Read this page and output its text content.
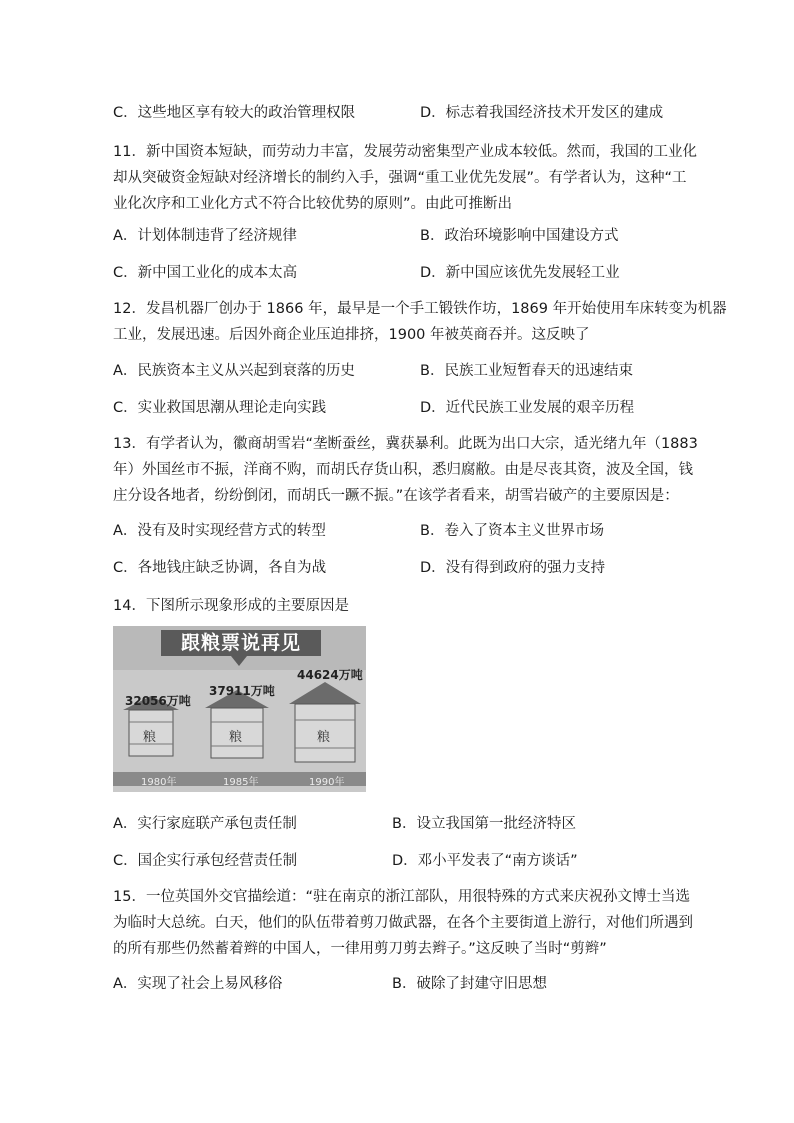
C．这些地区享有较大的政治管理权限	D．标志着我国经济技术开发区的建成
11．新中国资本短缺，而劳动力丰富，发展劳动密集型产业成本较低。然而，我国的工业化
却从突破资金短缺对经济增长的制约入手，强调“重工业优先发展”。有学者认为，这种“工
业化次序和工业化方式不符合比较优势的原则”。由此可推断出
A．计划体制违背了经济规律	B．政治环境影响中国建设方式
C．新中国工业化的成本太高	D．新中国应该优先发展轻工业
12．发昌机器厂创办于 1866 年，最早是一个手工锻铁作坊，1869 年开始使用车床转变为机器
工业，发展迅速。后因外商企业压迫排挤，1900 年被英商吞并。这反映了
A．民族资本主义从兴起到衰落的历史	B．民族工业短暂春天的迅速结束
C．实业救国思潮从理论走向实践	D．近代民族工业发展的艰辛历程
13．有学者认为，徽商胡雪岩“垄断蚕丝，冀获暴利。此既为出口大宗，适光绪九年（1883
年）外国丝市不振，洋商不购，而胡氏存货山积，悉归腐敝。由是尽丧其资，波及全国，钱
庄分设各地者，纷纷倒闭，而胡氏一蹶不振。”在该学者看来，胡雪岩破产的主要原因是：
A．没有及时实现经营方式的转型	B．卷入了资本主义世界市场
C．各地钱庄缺乏协调，各自为战	D．没有得到政府的强力支持
14．下图所示现象形成的主要原因是
跟粮票说再见
32056万吨
37911万吨
44624万吨
粮	粮	粮
1980年	1985年	1990年
A．实行家庭联产承包责任制	B．设立我国第一批经济特区
C．国企实行承包经营责任制	D．邓小平发表了“南方谈话”
15．一位英国外交官描绘道：“驻在南京的浙江部队，用很特殊的方式来庆祝孙文博士当选
为临时大总统。白天，他们的队伍带着剪刀做武器，在各个主要街道上游行，对他们所遇到
的所有那些仍然蓄着辫的中国人，一律用剪刀剪去辫子。”这反映了当时“剪辫”
A．实现了社会上易风移俗	B．破除了封建守旧思想
